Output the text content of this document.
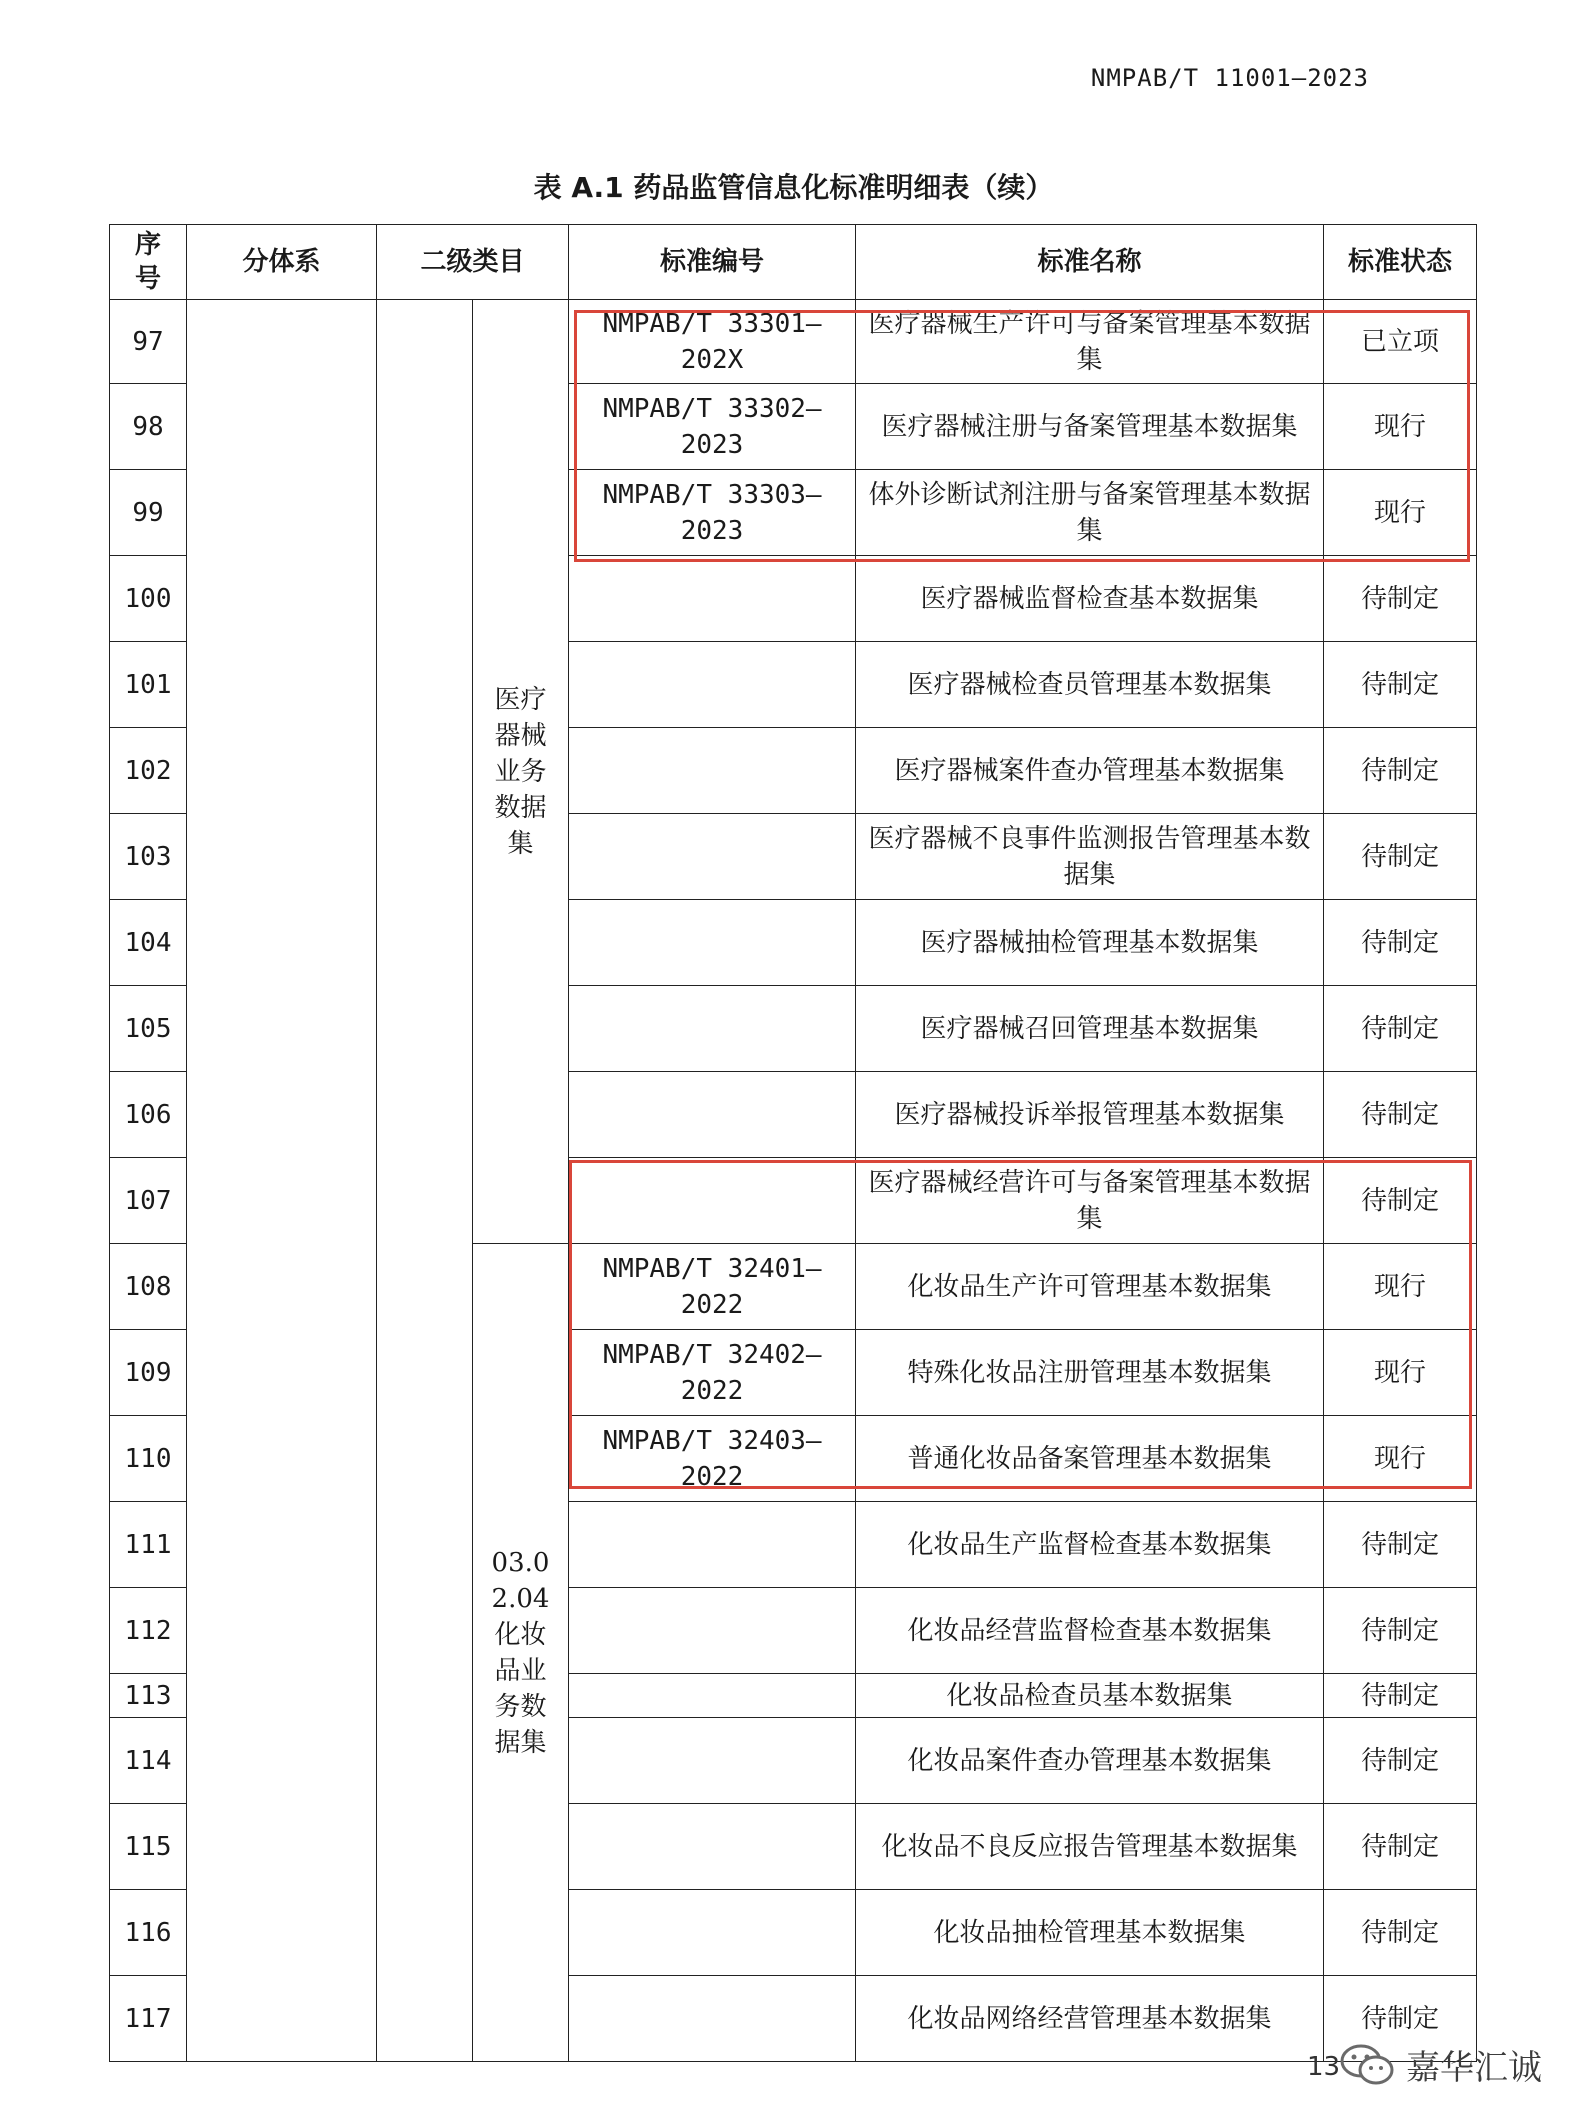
NMPAB/T 11001—2023
表 A.1 药品监管信息化标准明细表（续）
序号	分体系	二级类目		标准编号	标准名称	标准状态
97			医疗器械业务数据集	NMPAB/T 33301—202X	医疗器械生产许可与备案管理基本数据集	已立项
98				NMPAB/T 33302—2023	医疗器械注册与备案管理基本数据集	现行
99				NMPAB/T 33303—2023	体外诊断试剂注册与备案管理基本数据集	现行
100					医疗器械监督检查基本数据集	待制定
101					医疗器械检查员管理基本数据集	待制定
102					医疗器械案件查办管理基本数据集	待制定
103					医疗器械不良事件监测报告管理基本数据集	待制定
104					医疗器械抽检管理基本数据集	待制定
105					医疗器械召回管理基本数据集	待制定
106					医疗器械投诉举报管理基本数据集	待制定
107					医疗器械经营许可与备案管理基本数据集	待制定
108			03.02.04化妆品业务数据集	NMPAB/T 32401—2022	化妆品生产许可管理基本数据集	现行
109				NMPAB/T 32402—2022	特殊化妆品注册管理基本数据集	现行
110				NMPAB/T 32403—2022	普通化妆品备案管理基本数据集	现行
111					化妆品生产监督检查基本数据集	待制定
112					化妆品经营监督检查基本数据集	待制定
113					化妆品检查员基本数据集	待制定
114					化妆品案件查办管理基本数据集	待制定
115					化妆品不良反应报告管理基本数据集	待制定
116					化妆品抽检管理基本数据集	待制定
117					化妆品网络经营管理基本数据集	待制定
13 嘉华汇诚
